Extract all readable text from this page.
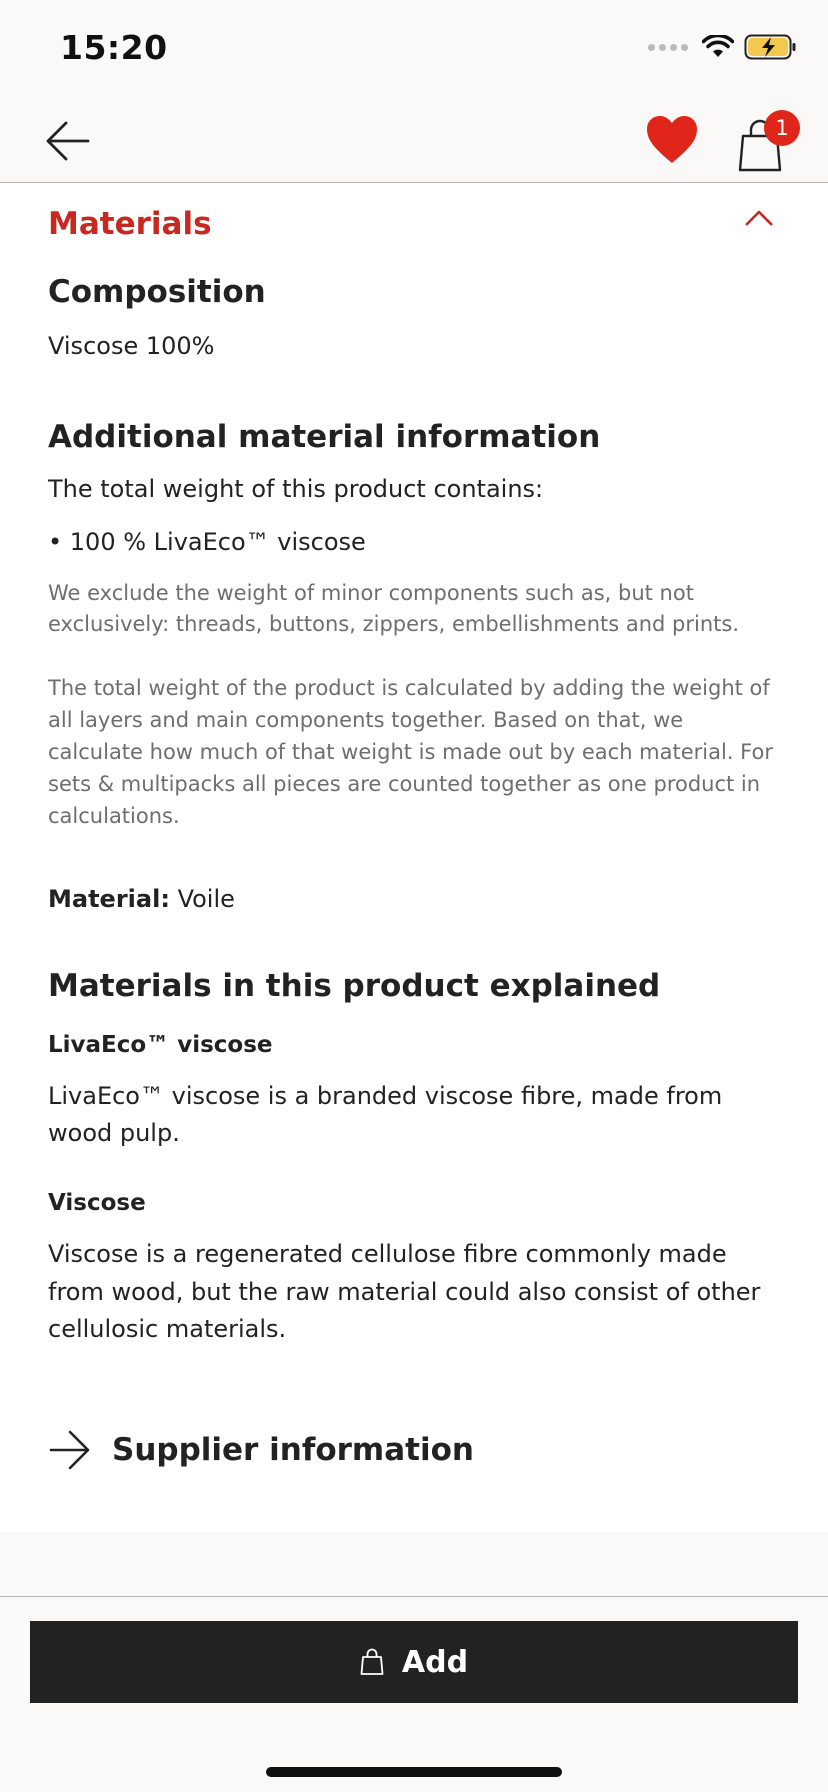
15:20
1
Materials
Composition

Viscose 100%

Additional material information

The total weight of this product contains:

• 100 % LivaEco™ viscose

We exclude the weight of minor components such as, but not exclusively: threads, buttons, zippers, embellishments and prints.

The total weight of the product is calculated by adding the weight of all layers and main components together. Based on that, we calculate how much of that weight is made out by each material. For sets & multipacks all pieces are counted together as one product in calculations.

Material: Voile

Materials in this product explained

LivaEco™ viscose

LivaEco™ viscose is a branded viscose fibre, made from wood pulp.

Viscose

Viscose is a regenerated cellulose fibre commonly made from wood, but the raw material could also consist of other cellulosic materials.

Supplier information
Add
